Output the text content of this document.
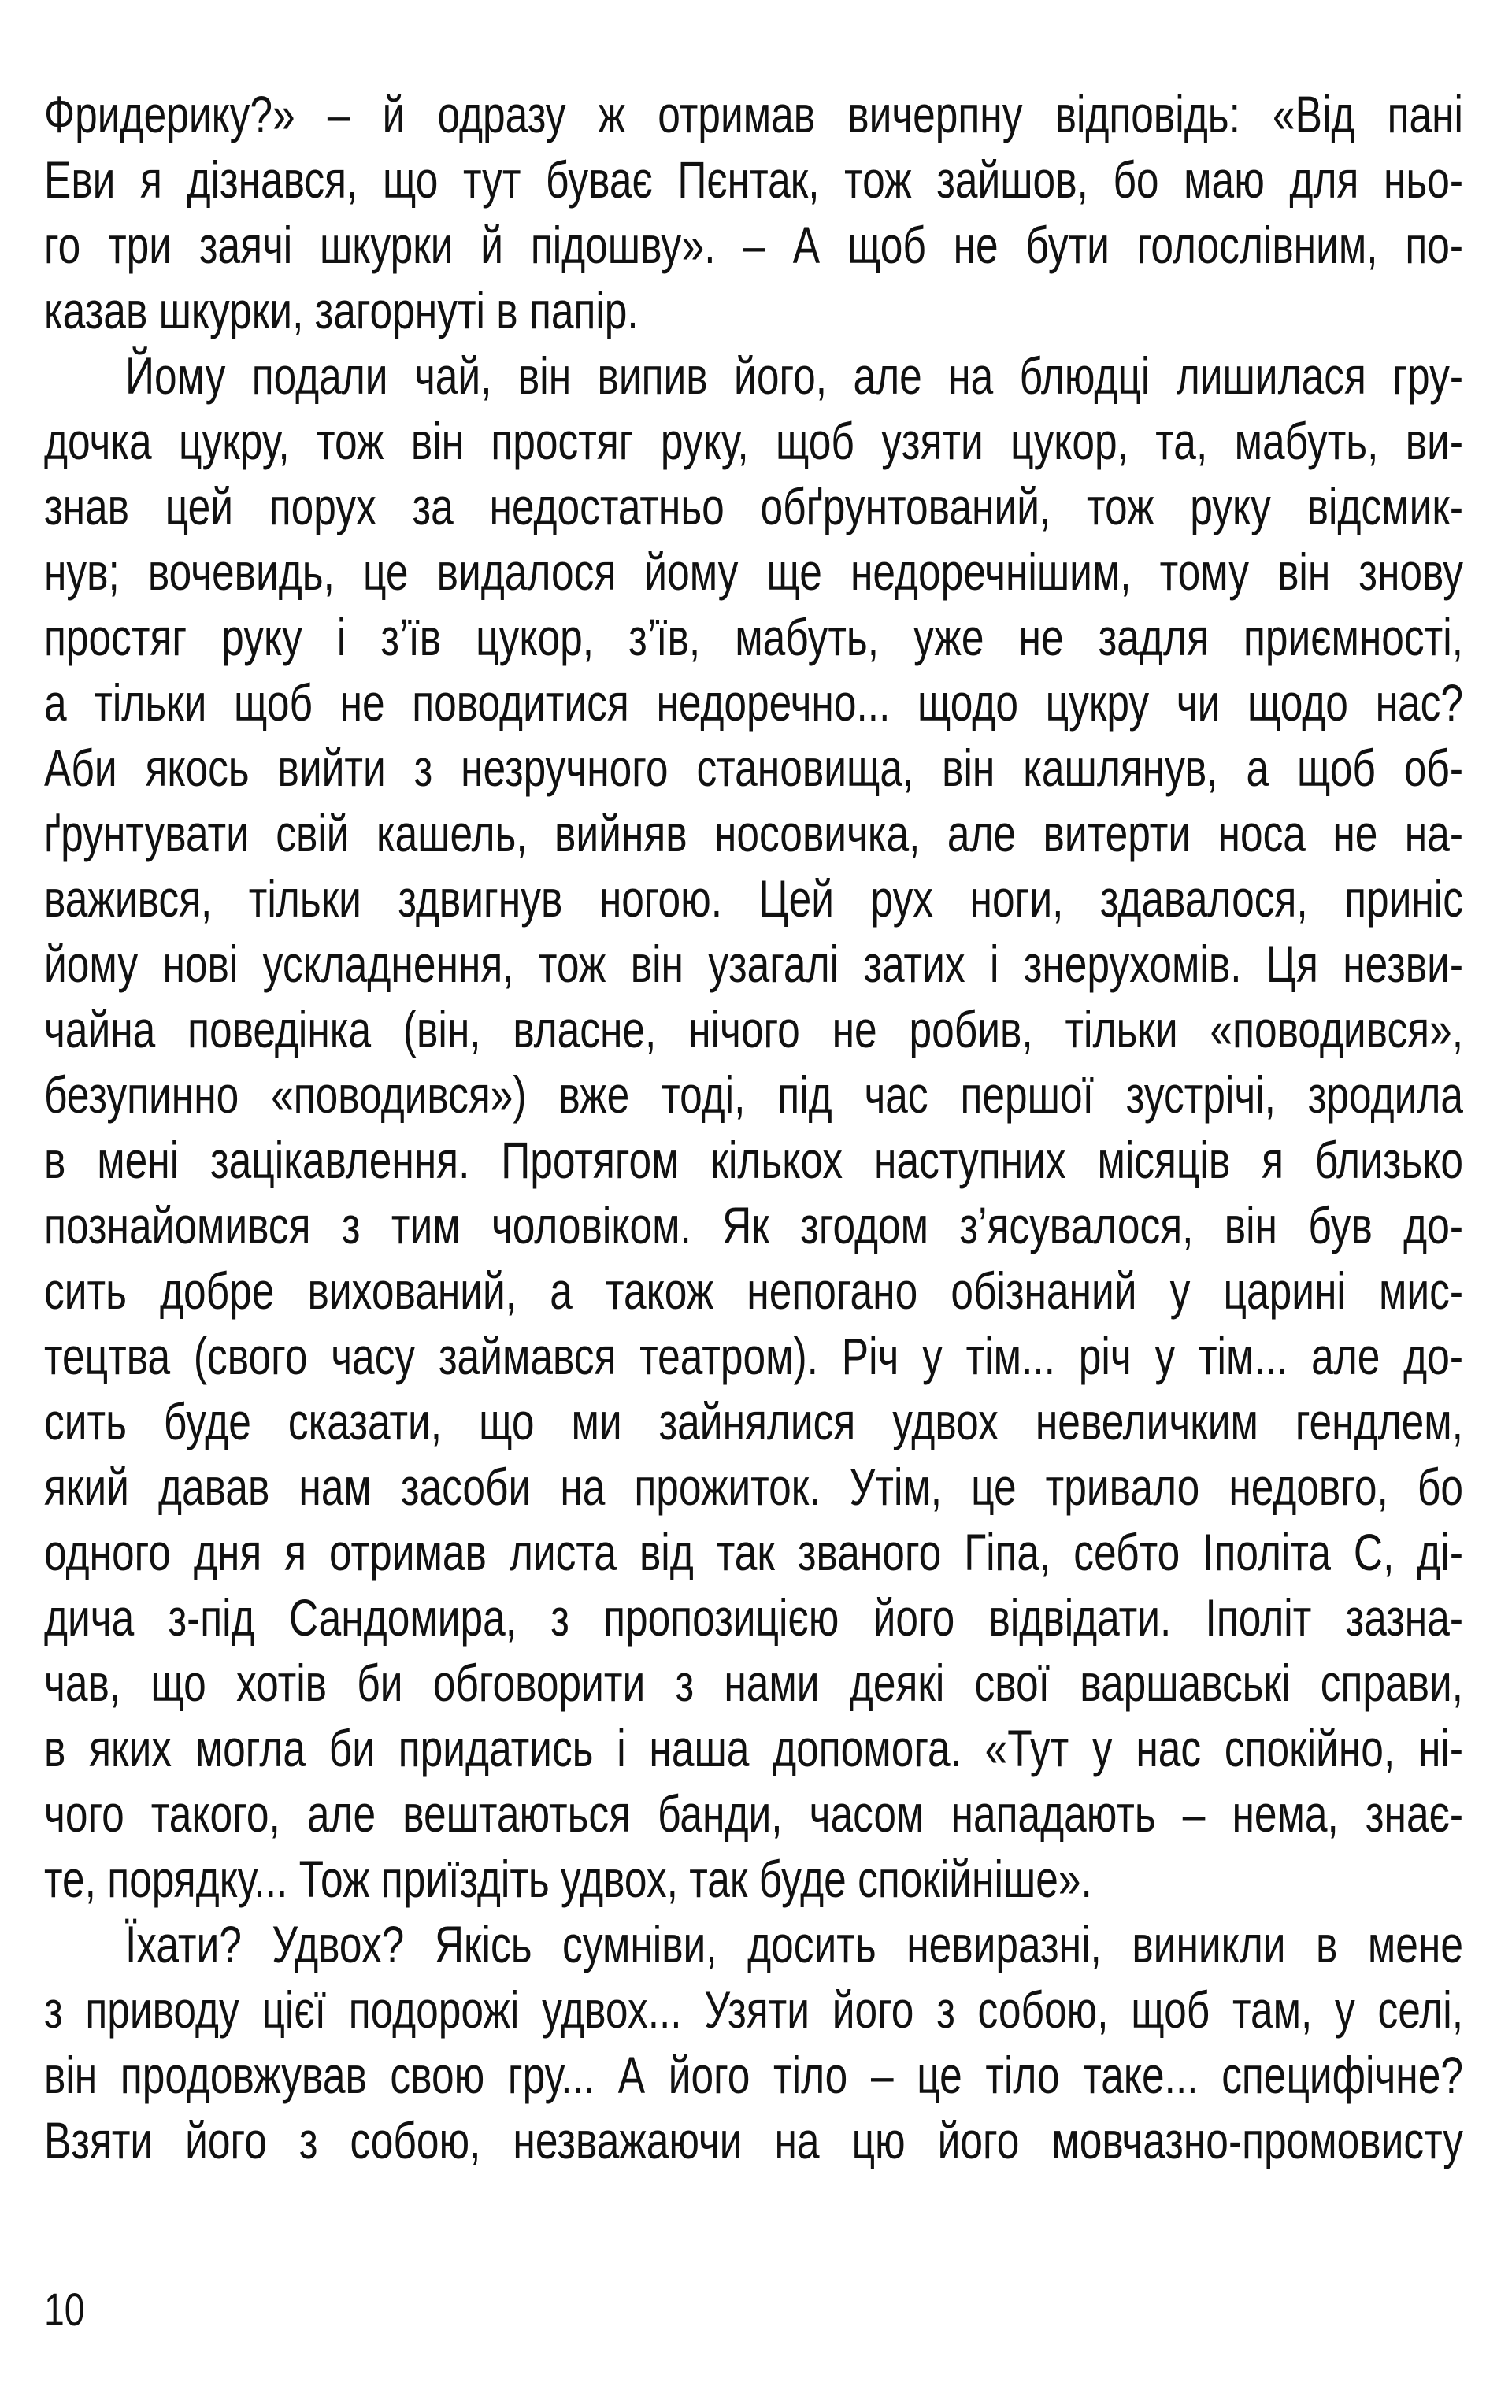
Фридерику?» – й одразу ж отримав вичерпну відповідь: «Від пані
Еви я дізнався, що тут буває Пєнтак, тож зайшов, бо маю для ньо-
го три заячі шкурки й підошву». – А щоб не бути голослівним, по-
казав шкурки, загорнуті в папір.
Йому подали чай, він випив його, але на блюдці лишилася гру-
дочка цукру, тож він простяг руку, щоб узяти цукор, та, мабуть, ви-
знав цей порух за недостатньо обґрунтований, тож руку відсмик-
нув; вочевидь, це видалося йому ще недоречнішим, тому він знову
простяг руку і з’їв цукор, з’їв, мабуть, уже не задля приємності,
а тільки щоб не поводитися недоречно... щодо цукру чи щодо нас?
Аби якось вийти з незручного становища, він кашлянув, а щоб об-
ґрунтувати свій кашель, вийняв носовичка, але витерти носа не на-
важився, тільки здвигнув ногою. Цей рух ноги, здавалося, приніс
йому нові ускладнення, тож він узагалі затих і знерухомів. Ця незви-
чайна поведінка (він, власне, нічого не робив, тільки «поводився»,
безупинно «поводився») вже тоді, під час першої зустрічі, зродила
в мені зацікавлення. Протягом кількох наступних місяців я близько
познайомився з тим чоловіком. Як згодом з’ясувалося, він був до-
сить добре вихований, а також непогано обізнаний у царині мис-
тецтва (свого часу займався театром). Річ у тім... річ у тім... але до-
сить буде сказати, що ми зайнялися удвох невеличким гендлем,
який давав нам засоби на прожиток. Утім, це тривало недовго, бо
одного дня я отримав листа від так званого Гіпа, себто Іполіта С, ді-
дича з-під Сандомира, з пропозицією його відвідати. Іполіт зазна-
чав, що хотів би обговорити з нами деякі свої варшавські справи,
в яких могла би придатись і наша допомога. «Тут у нас спокійно, ні-
чого такого, але вештаються банди, часом нападають – нема, знає-
те, порядку... Тож приїздіть удвох, так буде спокійніше».
Їхати? Удвох? Якісь сумніви, досить невиразні, виникли в мене
з приводу цієї подорожі удвох... Узяти його з собою, щоб там, у селі,
він продовжував свою гру... А його тіло – це тіло таке... специфічне?
Взяти його з собою, незважаючи на цю його мовчазно-промовисту
10
